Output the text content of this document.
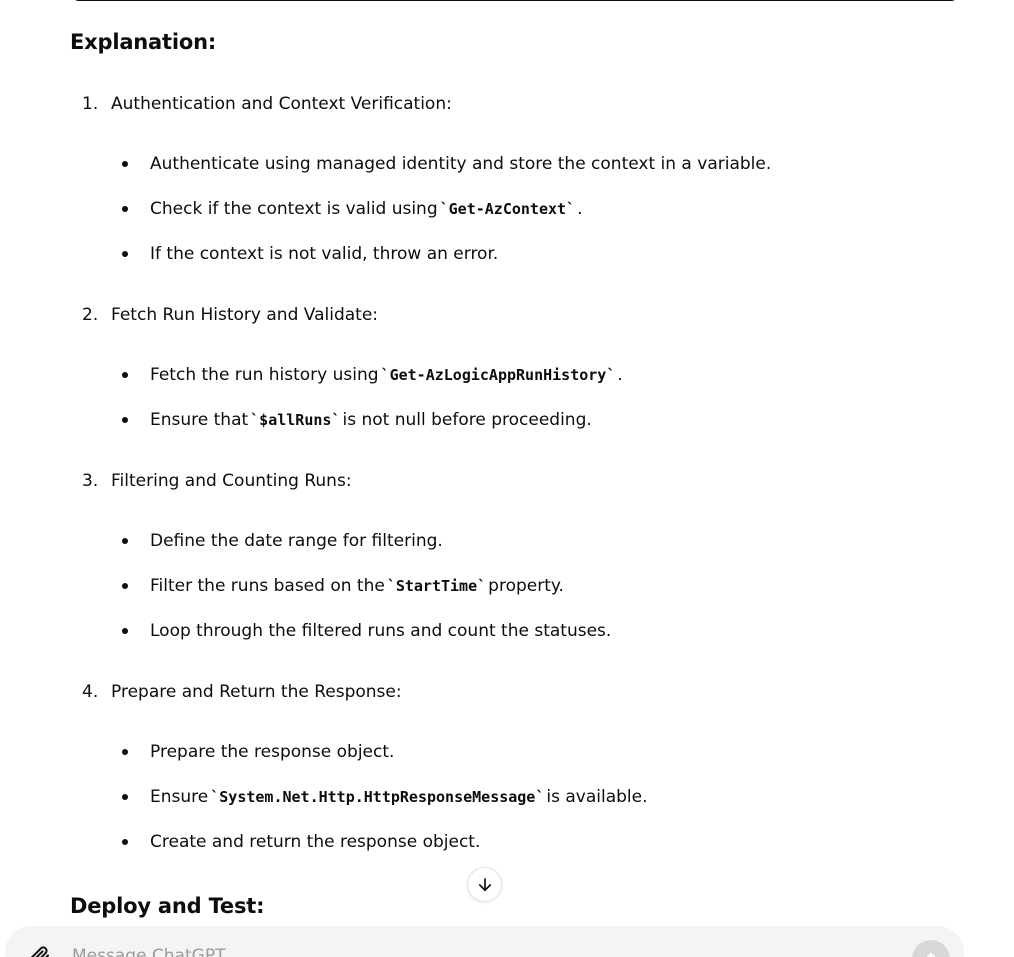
Explanation:
1. Authentication and Context Verification:
Authenticate using managed identity and store the context in a variable.
Check if the context is valid using `Get-AzContext` .
If the context is not valid, throw an error.
2. Fetch Run History and Validate:
Fetch the run history using `Get-AzLogicAppRunHistory` .
Ensure that `$allRuns` is not null before proceeding.
3. Filtering and Counting Runs:
Define the date range for filtering.
Filter the runs based on the `StartTime` property.
Loop through the filtered runs and count the statuses.
4. Prepare and Return the Response:
Prepare the response object.
Ensure `System.Net.Http.HttpResponseMessage` is available.
Create and return the response object.
Deploy and Test:
Message ChatGPT
